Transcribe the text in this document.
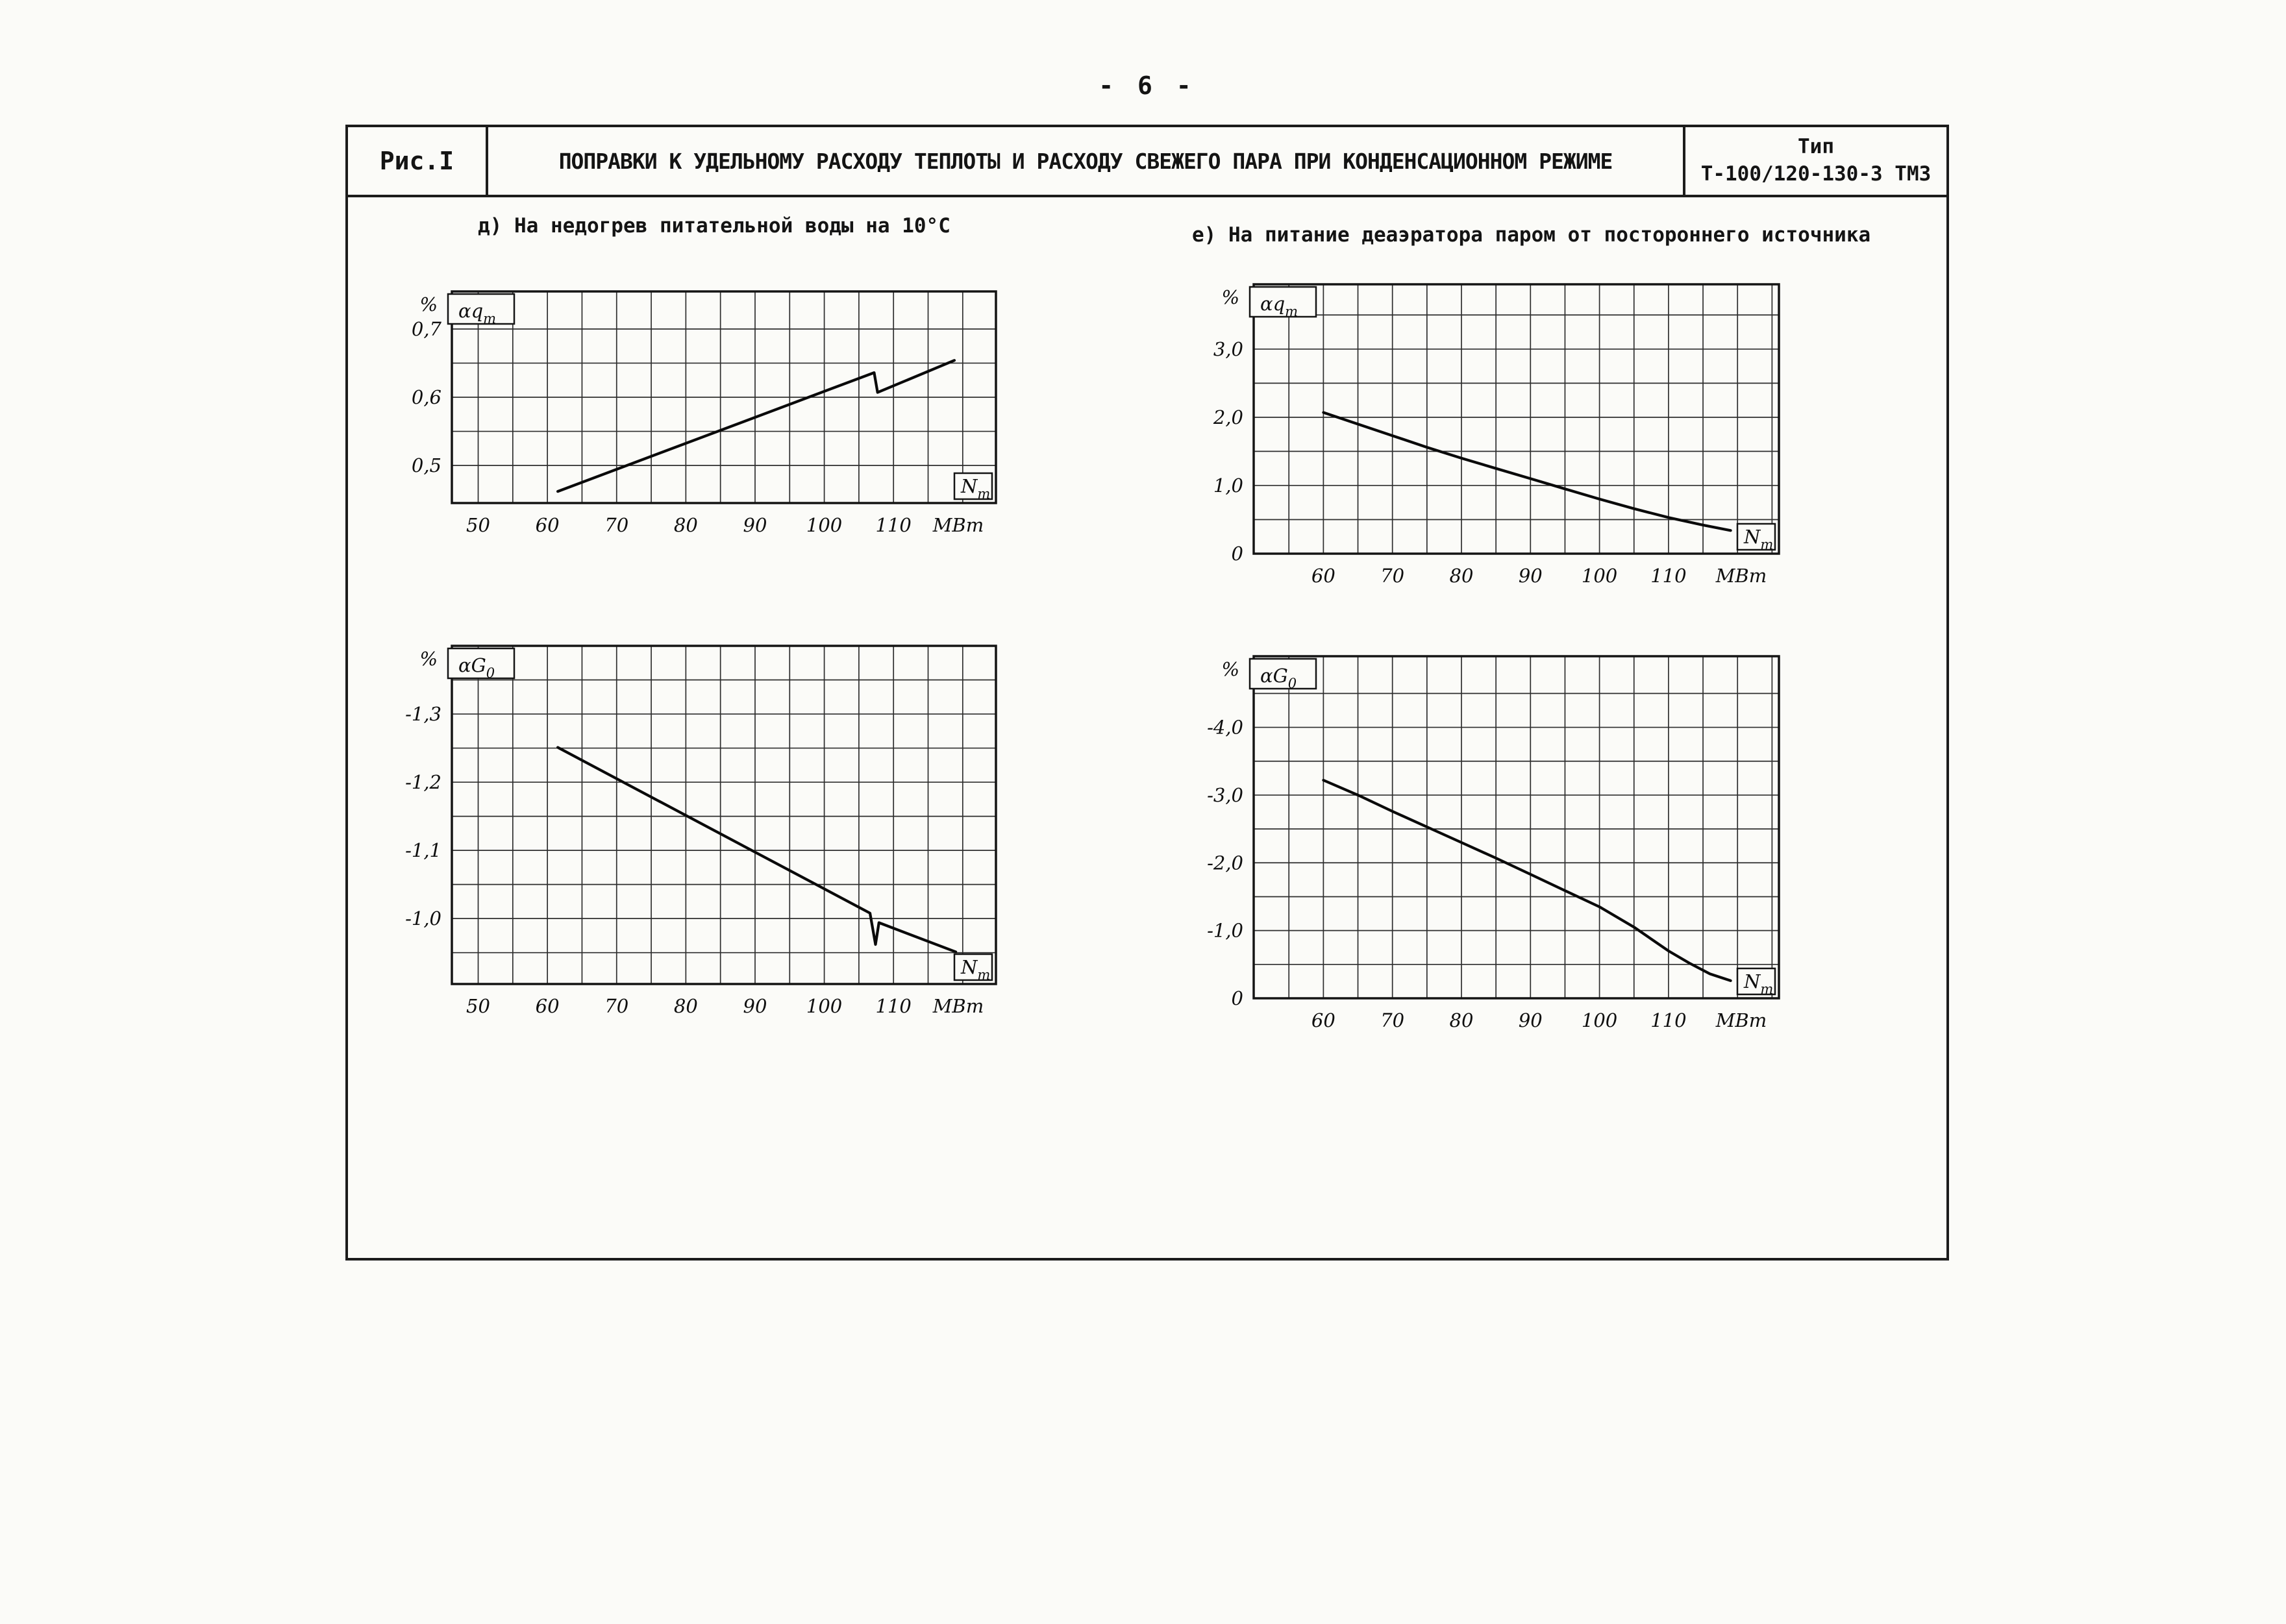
- 6 -
Рис.I	ПОПРАВКИ К УДЕЛЬНОМУ РАСХОДУ ТЕПЛОТЫ И РАСХОДУ СВЕЖЕГО ПАРА ПРИ КОНДЕНСАЦИОННОМ РЕЖИМЕ
Тип
Т-100/120-130-3 ТМЗ
д) На недогрев питательной воды на 10°С	е) На питание деаэратора паром от постороннего источника
50 60 70 80 90 100 110
0,7
0,6
0,5
% $\alpha q_т$
$N_т$
МВт
50 60 70 80 90 100 110
-1,3
-1,2
-1,1
-1,0
% $\alpha G_0$
$N_т$
МВт
60 70 80 90 100 110
3,0
2,0
1,0
0
% $\alpha q_т$
$N_т$
МВт
60 70 80 90 100 110
-4,0
-3,0
-2,0
-1,0
0
% $\alpha G_0$
$N_т$
МВт
